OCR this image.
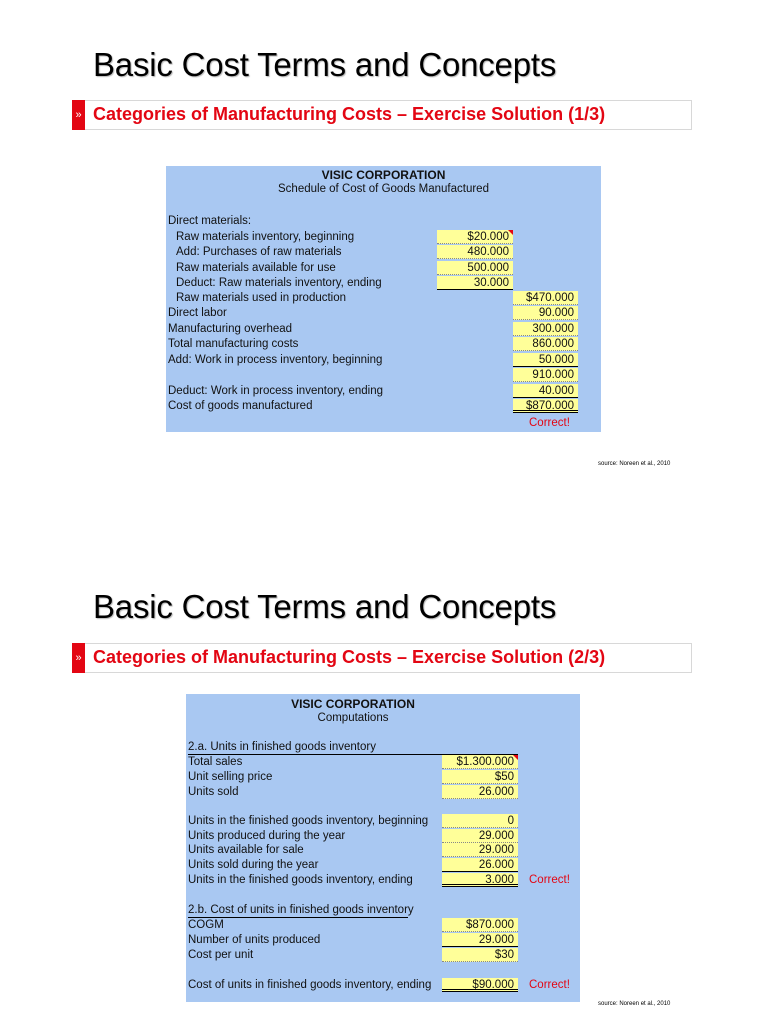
Basic Cost Terms and Concepts
» Categories of Manufacturing Costs – Exercise Solution (1/3)
VISIC CORPORATION
Schedule of Cost of Goods Manufactured
Direct materials:
Raw materials inventory, beginning	$20.000
Add: Purchases of raw materials	480.000
Raw materials available for use	500.000
Deduct: Raw materials inventory, ending	30.000
Raw materials used in production	$470.000
Direct labor	90.000
Manufacturing overhead	300.000
Total manufacturing costs	860.000
Add: Work in process inventory, beginning	50.000
910.000
Deduct: Work in process inventory, ending	40.000
Cost of goods manufactured	$870.000
Correct!
source: Noreen et al., 2010
Basic Cost Terms and Concepts
» Categories of Manufacturing Costs – Exercise Solution (2/3)
VISIC CORPORATION
Computations
2.a. Units in finished goods inventory
Total sales	$1.300.000
Unit selling price	$50
Units sold	26.000
Units in the finished goods inventory, beginning	0
Units produced during the year	29.000
Units available for sale	29.000
Units sold during the year	26.000
Units in the finished goods inventory, ending	3.000	Correct!
2.b. Cost of units in finished goods inventory
COGM	$870.000
Number of units produced	29.000
Cost per unit	$30
Cost of units in finished goods inventory, ending	$90.000	Correct!
source: Noreen et al., 2010
